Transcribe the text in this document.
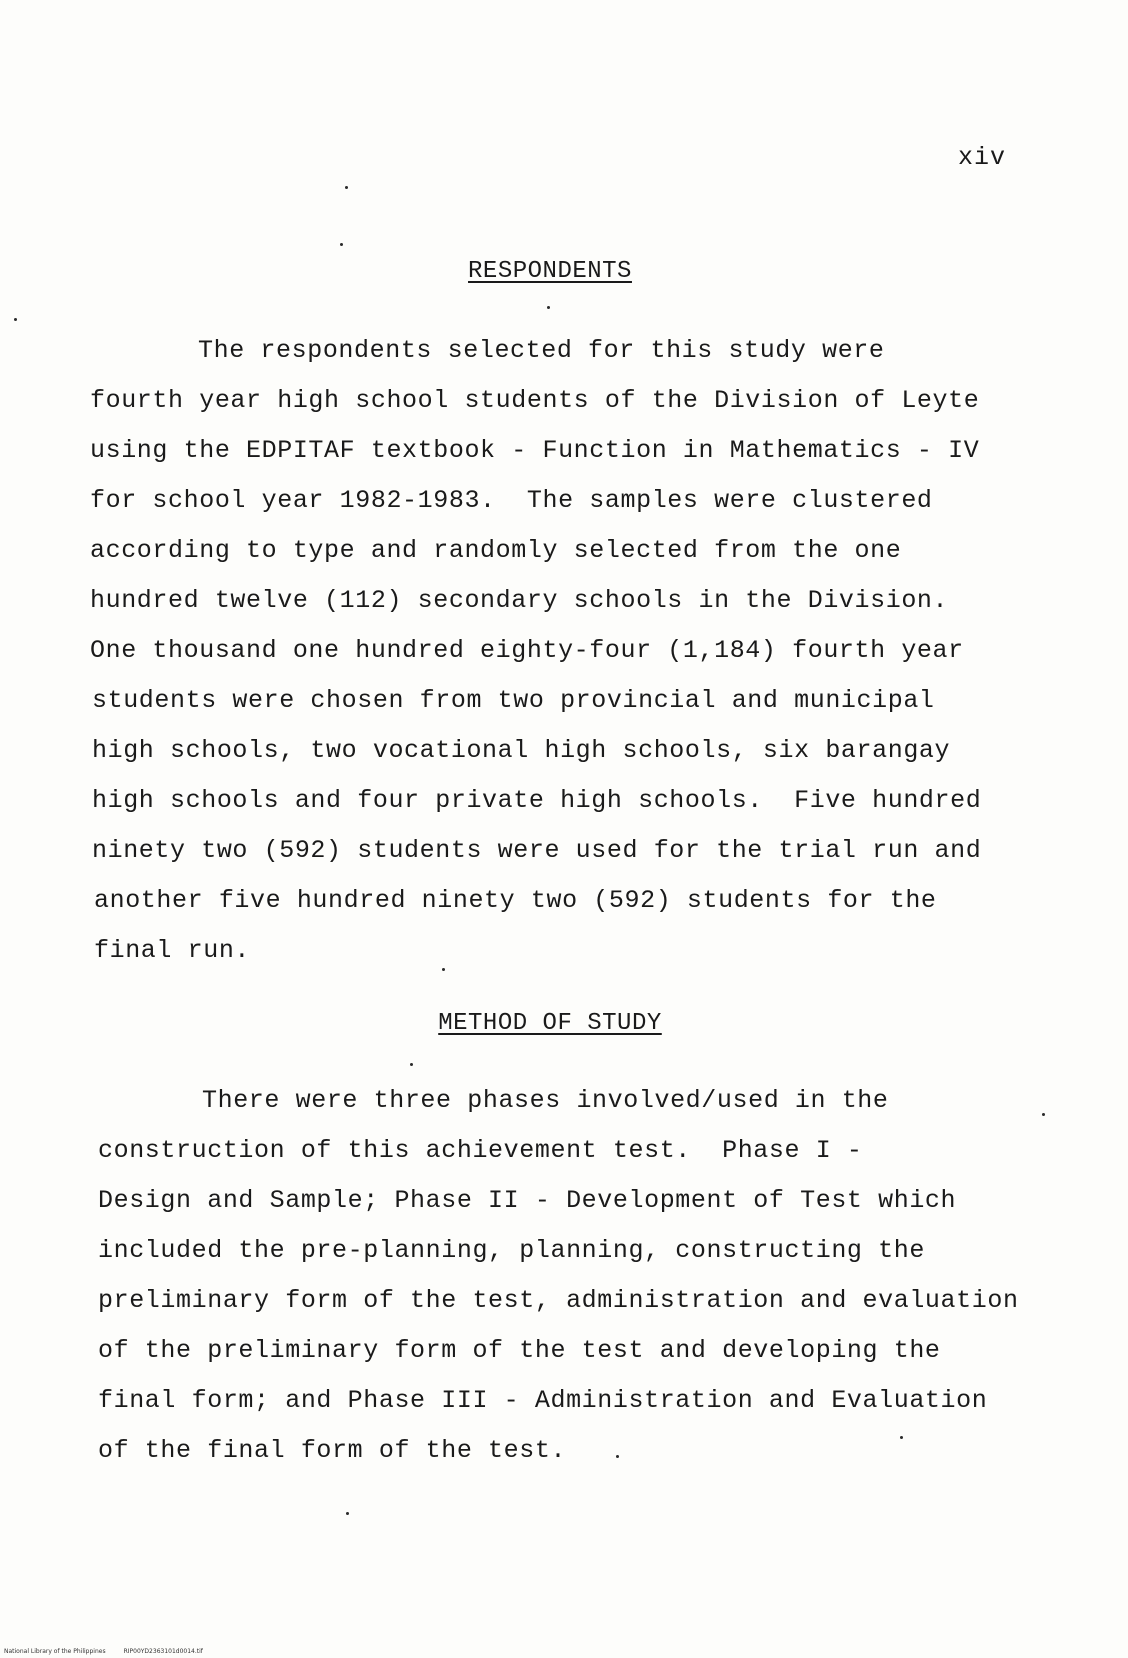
xiv
RESPONDENTS
The respondents selected for this study were
fourth year high school students of the Division of Leyte
using the EDPITAF textbook - Function in Mathematics - IV
for school year 1982-1983.  The samples were clustered
according to type and randomly selected from the one
hundred twelve (112) secondary schools in the Division.
One thousand one hundred eighty-four (1,184) fourth year
students were chosen from two provincial and municipal
high schools, two vocational high schools, six barangay
high schools and four private high schools.  Five hundred
ninety two (592) students were used for the trial run and
another five hundred ninety two (592) students for the
final run.
METHOD OF STUDY
There were three phases involved/used in the
construction of this achievement test.  Phase I -
Design and Sample; Phase II - Development of Test which
included the pre-planning, planning, constructing the
preliminary form of the test, administration and evaluation
of the preliminary form of the test and developing the
final form; and Phase III - Administration and Evaluation
of the final form of the test.
National Library of the Philippines	RIP00YD2363101d0014.tif
